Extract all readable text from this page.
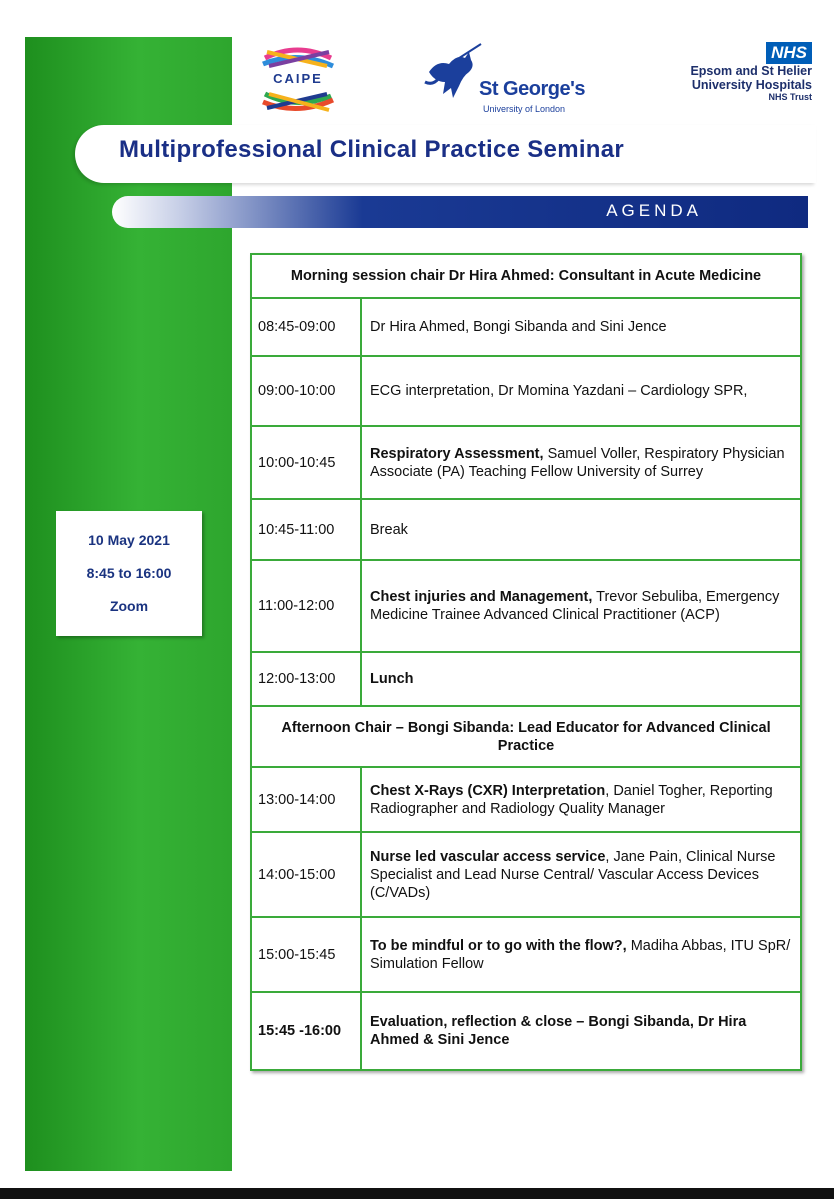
CAIPE	St George's
University of London
NHS
Epsom and St Helier
University Hospitals
NHS Trust
Multiprofessional Clinical Practice Seminar
AGENDA
10 May 2021
8:45 to 16:00
Zoom
Morning session chair Dr Hira Ahmed: Consultant in Acute Medicine	
08:45-09:00	Dr Hira Ahmed, Bongi Sibanda and Sini Jence
09:00-10:00	ECG interpretation, Dr Momina Yazdani – Cardiology SPR,
10:00-10:45	Respiratory Assessment, Samuel Voller, Respiratory Physician Associate (PA) Teaching Fellow University of Surrey
10:45-11:00	Break
11:00-12:00	Chest injuries and Management, Trevor Sebuliba, Emergency Medicine Trainee Advanced Clinical Practitioner (ACP)
12:00-13:00	Lunch
Afternoon Chair – Bongi Sibanda: Lead Educator for Advanced Clinical Practice	
13:00-14:00	Chest X-Rays (CXR) Interpretation, Daniel Togher, Reporting Radiographer and Radiology Quality Manager
14:00-15:00	Nurse led vascular access service, Jane Pain, Clinical Nurse Specialist and Lead Nurse Central/ Vascular Access Devices (C/VADs)
15:00-15:45	To be mindful or to go with the flow?, Madiha Abbas, ITU SpR/ Simulation Fellow
15:45 -16:00	Evaluation, reflection & close – Bongi Sibanda, Dr Hira Ahmed & Sini Jence
